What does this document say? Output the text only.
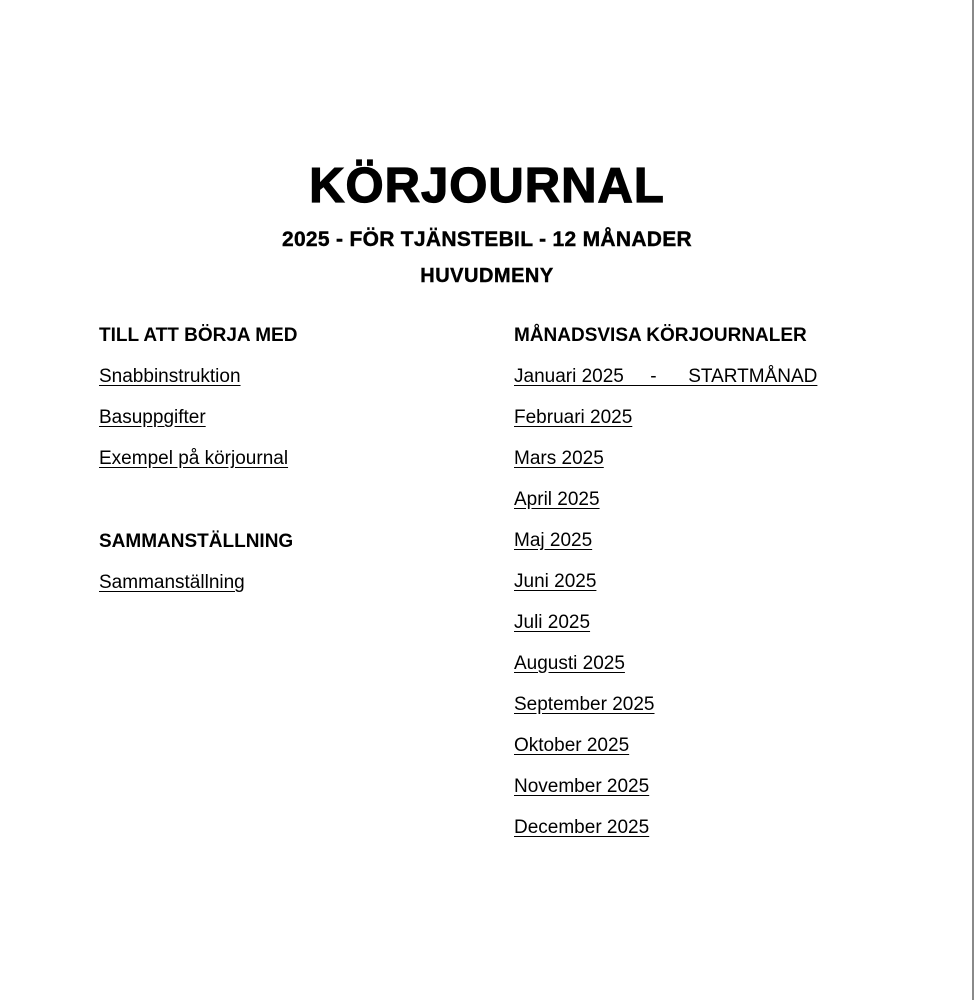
KÖRJOURNAL
2025 - FÖR TJÄNSTEBIL - 12 MÅNADER
HUVUDMENY
TILL ATT BÖRJA MED
Snabbinstruktion
Basuppgifter
Exempel på körjournal
SAMMANSTÄLLNING
Sammanställning
MÅNADSVISA KÖRJOURNALER
Januari 2025     -      STARTMÅNAD
Februari 2025
Mars 2025
April 2025
Maj 2025
Juni 2025
Juli 2025
Augusti 2025
September 2025
Oktober 2025
November 2025
December 2025
